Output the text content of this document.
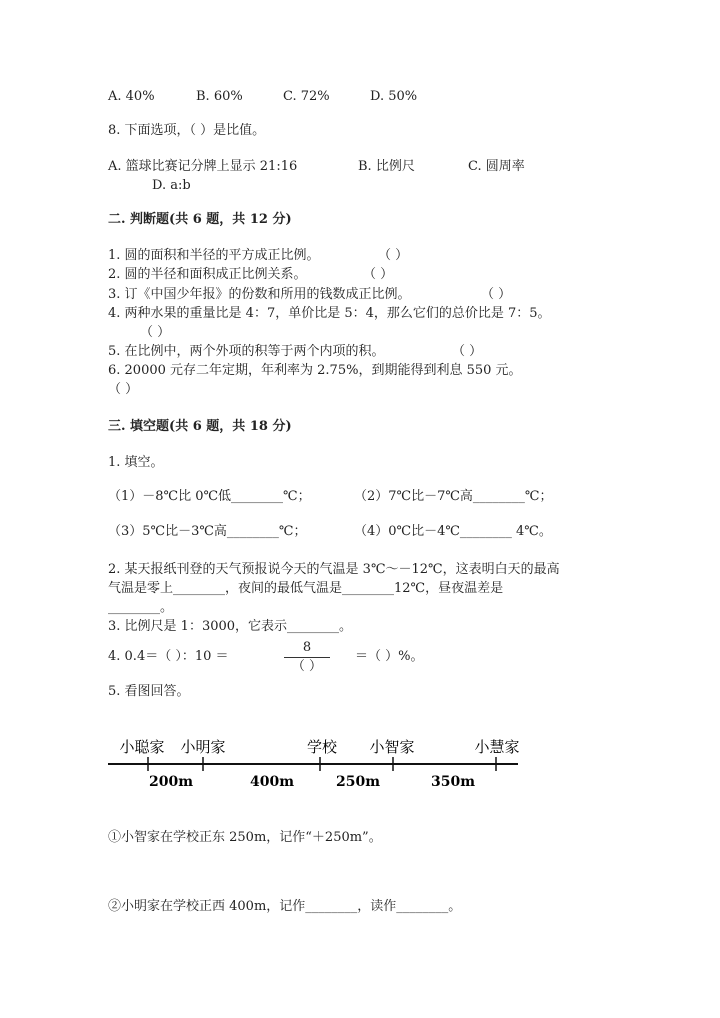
A. 40%	B. 60%	C. 72%	D. 50%
8. 下面选项，（ ）是比值。
A. 篮球比赛记分牌上显示 21:16	B. 比例尺	C. 圆周率
D. a:b
二. 判断题(共 6 题，共 12 分)
1. 圆的面积和半径的平方成正比例。	（ ）
2. 圆的半径和面积成正比例关系。	（ ）
3. 订《中国少年报》的份数和所用的钱数成正比例。	（ ）
4. 两种水果的重量比是 4：7，单价比是 5：4，那么它们的总价比是 7：5。
（ ）
5. 在比例中，两个外项的积等于两个内项的积。	（ ）
6. 20000 元存二年定期，年利率为 2.75%，到期能得到利息 550 元。
（ ）
三. 填空题(共 6 题，共 18 分)
1. 填空。
（1）－8℃比 0℃低________℃；	（2）7℃比－7℃高________℃；
（3）5℃比－3℃高________℃；	（4）0℃比－4℃________ 4℃。
2. 某天报纸刊登的天气预报说今天的气温是 3℃～－12℃，这表明白天的最高
气温是零上________，夜间的最低气温是________12℃，昼夜温差是
________。
3. 比例尺是 1：3000，它表示________。
4. 0.4＝（ ）：10 ＝
8
（ ）
＝（ ）%。
5. 看图回答。
小聪家 小明家	学校 小智家	小慧家
200m	400m	250m	350m
①小智家在学校正东 250m，记作“＋250m”。
②小明家在学校正西 400m，记作________，读作________。
